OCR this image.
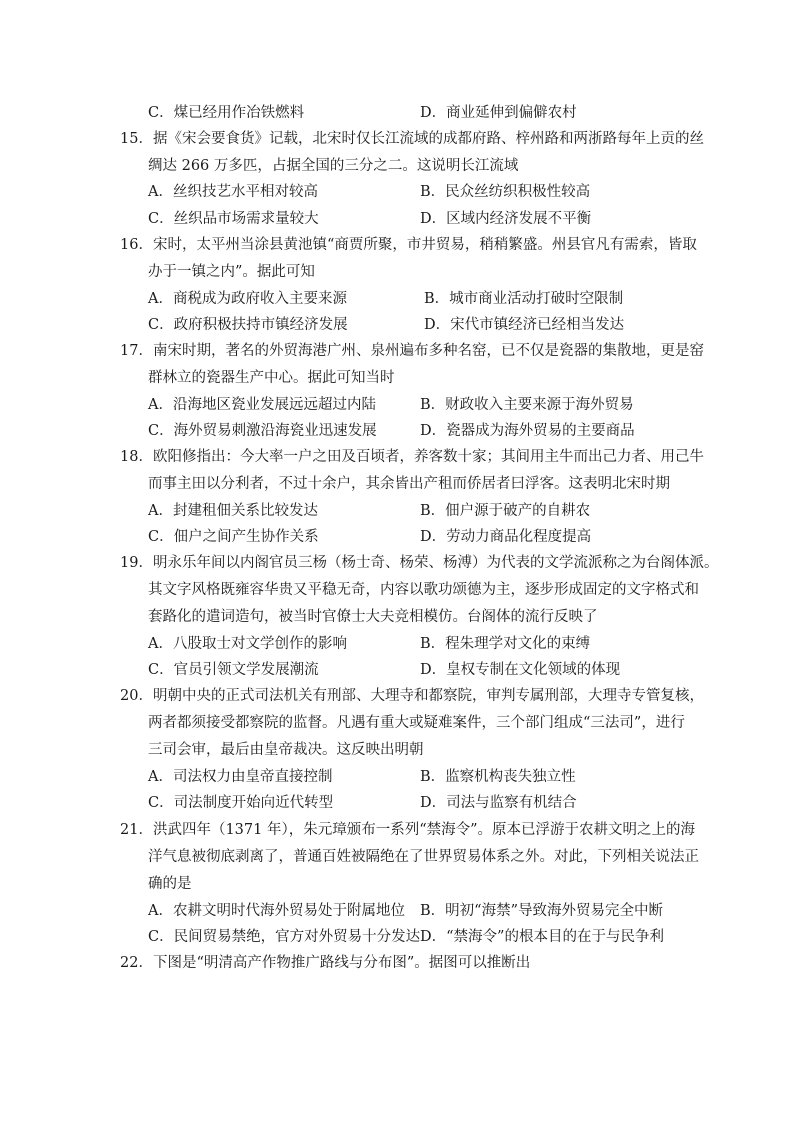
C．煤已经用作冶铁燃料	D．商业延伸到偏僻农村
15．据《宋会要食货》记载，北宋时仅长江流域的成都府路、梓州路和两浙路每年上贡的丝
绸达 266 万多匹，占据全国的三分之二。这说明长江流域
A．丝织技艺水平相对较高	B．民众丝纺织积极性较高
C．丝织品市场需求量较大	D．区域内经济发展不平衡
16．宋时，太平州当涂县黄池镇“商贾所聚，市井贸易，稍稍繁盛。州县官凡有需索，皆取
办于一镇之内”。据此可知
A．商税成为政府收入主要来源	B．城市商业活动打破时空限制
C．政府积极扶持市镇经济发展	D．宋代市镇经济已经相当发达
17．南宋时期，著名的外贸海港广州、泉州遍布多种名窑，已不仅是瓷器的集散地，更是窑
群林立的瓷器生产中心。据此可知当时
A．沿海地区瓷业发展远远超过内陆	B．财政收入主要来源于海外贸易
C．海外贸易刺激沿海瓷业迅速发展	D．瓷器成为海外贸易的主要商品
18．欧阳修指出：今大率一户之田及百顷者，养客数十家；其间用主牛而出己力者、用己牛
而事主田以分利者，不过十余户，其余皆出产租而侨居者曰浮客。这表明北宋时期
A．封建租佃关系比较发达	B．佃户源于破产的自耕农
C．佃户之间产生协作关系	D．劳动力商品化程度提高
19．明永乐年间以内阁官员三杨（杨士奇、杨荣、杨溥）为代表的文学流派称之为台阁体派。
其文字风格既雍容华贵又平稳无奇，内容以歌功颂德为主，逐步形成固定的文字格式和
套路化的遣词造句，被当时官僚士大夫竞相模仿。台阁体的流行反映了
A．八股取士对文学创作的影响	B．程朱理学对文化的束缚
C．官员引领文学发展潮流	D．皇权专制在文化领域的体现
20．明朝中央的正式司法机关有刑部、大理寺和都察院，审判专属刑部，大理寺专管复核，
两者都须接受都察院的监督。凡遇有重大或疑难案件，三个部门组成“三法司”，进行
三司会审，最后由皇帝裁决。这反映出明朝
A．司法权力由皇帝直接控制	B．监察机构丧失独立性
C．司法制度开始向近代转型	D．司法与监察有机结合
21．洪武四年（1371 年），朱元璋颁布一系列“禁海令”。原本已浮游于农耕文明之上的海
洋气息被彻底剥离了，普通百姓被隔绝在了世界贸易体系之外。对此，下列相关说法正
确的是
A．农耕文明时代海外贸易处于附属地位 B．明初“海禁”导致海外贸易完全中断
C．民间贸易禁绝，官方对外贸易十分发达 D．“禁海令”的根本目的在于与民争利
22．下图是“明清高产作物推广路线与分布图”。据图可以推断出
